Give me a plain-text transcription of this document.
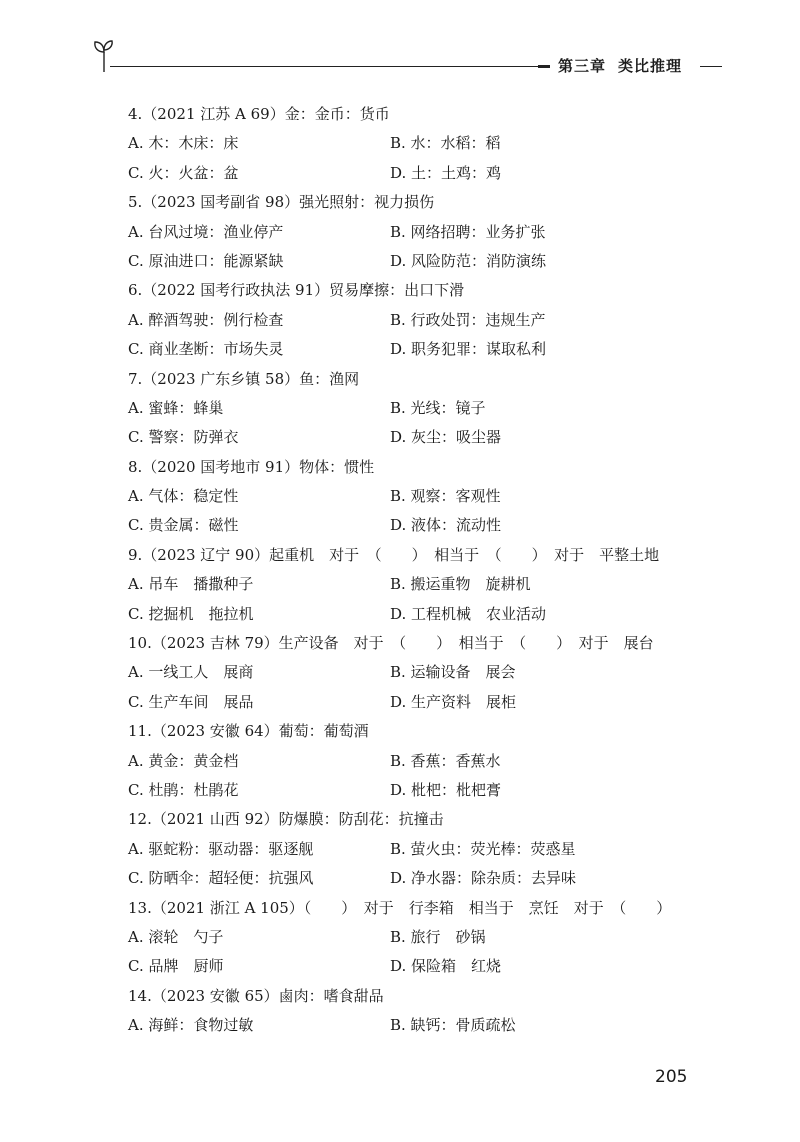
第三章 类比推理
4.（2021 江苏 A 69）金：金币：货币
A. 木：木床：床	B. 水：水稻：稻
C. 火：火盆：盆	D. 土：土鸡：鸡
5.（2023 国考副省 98）强光照射：视力损伤
A. 台风过境：渔业停产	B. 网络招聘：业务扩张
C. 原油进口：能源紧缺	D. 风险防范：消防演练
6.（2022 国考行政执法 91）贸易摩擦：出口下滑
A. 醉酒驾驶：例行检查	B. 行政处罚：违规生产
C. 商业垄断：市场失灵	D. 职务犯罪：谋取私利
7.（2023 广东乡镇 58）鱼：渔网
A. 蜜蜂：蜂巢	B. 光线：镜子
C. 警察：防弹衣	D. 灰尘：吸尘器
8.（2020 国考地市 91）物体：惯性
A. 气体：稳定性	B. 观察：客观性
C. 贵金属：磁性	D. 液体：流动性
9.（2023 辽宁 90）起重机　对于　（　　）　相当于　（　　）　对于　平整土地
A. 吊车　播撒种子	B. 搬运重物　旋耕机
C. 挖掘机　拖拉机	D. 工程机械　农业活动
10.（2023 吉林 79）生产设备　对于　（　　）　相当于　（　　）　对于　展台
A. 一线工人　展商	B. 运输设备　展会
C. 生产车间　展品	D. 生产资料　展柜
11.（2023 安徽 64）葡萄：葡萄酒
A. 黄金：黄金档	B. 香蕉：香蕉水
C. 杜鹃：杜鹃花	D. 枇杷：枇杷膏
12.（2021 山西 92）防爆膜：防刮花：抗撞击
A. 驱蛇粉：驱动器：驱逐舰	B. 萤火虫：荧光棒：荧惑星
C. 防晒伞：超轻便：抗强风	D. 净水器：除杂质：去异味
13.（2021 浙江 A 105）（　　）　对于　行李箱　相当于　烹饪　对于　（　　）
A. 滚轮　勺子	B. 旅行　砂锅
C. 品牌　厨师	D. 保险箱　红烧
14.（2023 安徽 65）鹵肉：嗜食甜品
A. 海鲜：食物过敏	B. 缺钙：骨质疏松
205
